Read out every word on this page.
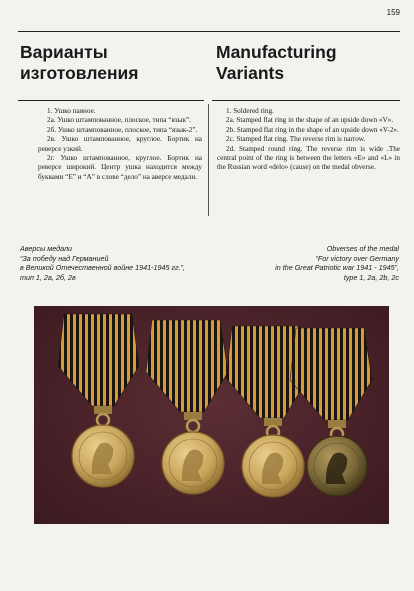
159
Варианты
изготовления
Manufacturing
Variants

1. Ушко паяное.

2а. Ушко штампованное, плоское, типа “язык”.

2б. Ушко штампованное, плоское, типа “язык-2”.

2в. Ушко штампованное, круглое. Бортик на реверсе узкий.

2г. Ушко штампованное, круглое. Бортик на реверсе широкий. Центр ушка находится между буквами “Е” и “А” в слове “дело” на аверсе медали.

1. Soldered ring.

2a. Stamped flat ring in the shape of an upside down «V».

2b. Stamped flat ring in the shape of an upside down «V-2».

2c. Stamped flat ring. The reverse rim is narrow.

2d. Stamped round ring. The reverse rim is wide .The central point of the ring is between the letters «E» and «L» in the Russian word «delo» (cause) on the medal obverse.

Аверсы медали
“За победу над Германией
в Великой Отечественной войне 1941-1945 гг.”,
тип 1, 2а, 2б, 2в
Obverses of the medal
“For victory over Germany
in the Great Patriotic war 1941 - 1945”,
type 1, 2a, 2b, 2c
